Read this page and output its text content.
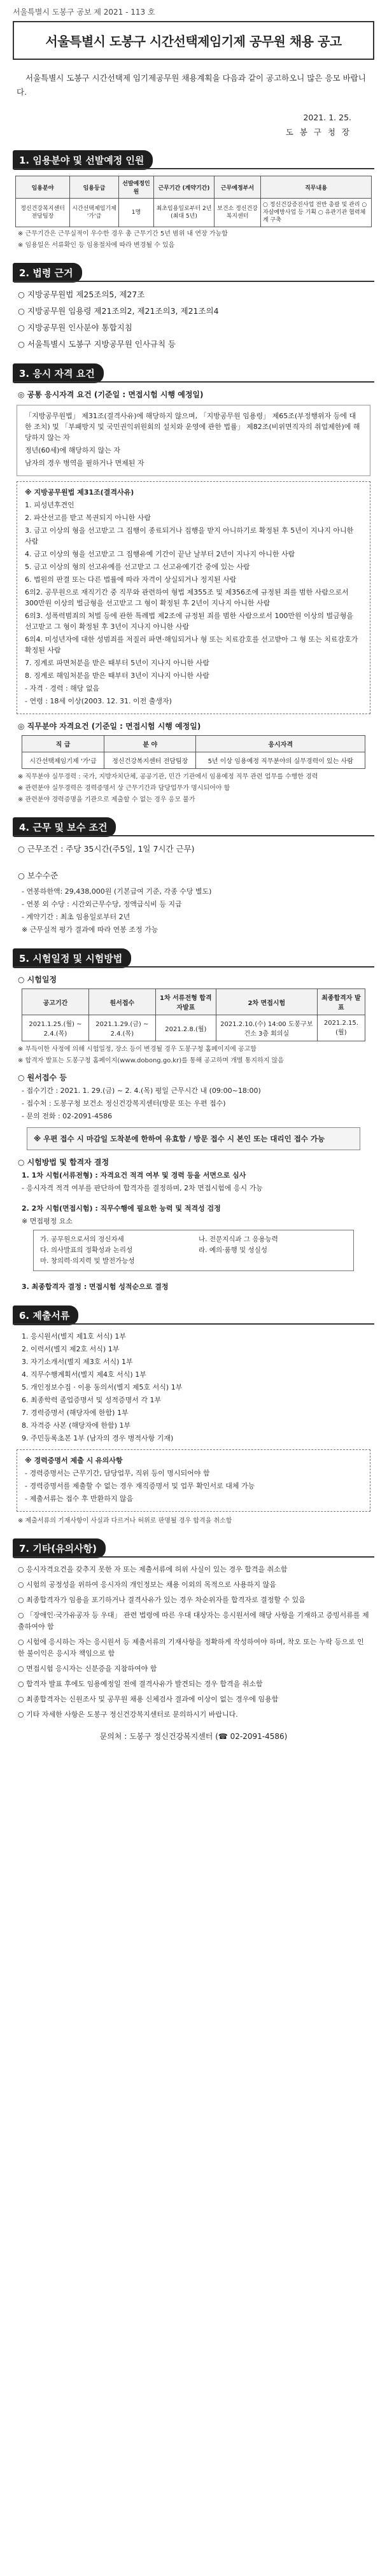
서울특별시 도봉구 공보 제 2021 - 113 호
서울특별시 도봉구 시간선택제임기제 공무원 채용 공고
서울특별시 도봉구 시간선택제 임기제공무원 채용계획을 다음과 같이 공고하오니 많은 응모 바랍니다.
2021. 1. 25.
도 봉 구 청 장
1. 임용분야 및 선발예정 인원
임용분야	임용등급	선발예정인원	근무기간 (계약기간)	근무예정부서	직무내용
정신건강복지센터 전담팀장	시간선택제임기제 '가'급	1명	최초임용일로부터 2년 (최대 5년)	보건소 정신건강복지센터	○ 정신건강증진사업 전반 총괄 및 관리 ○ 자살예방사업 등 기획 ○ 유관기관 협력체계 구축
※ 근무기간은 근무실적이 우수한 경우 총 근무기간 5년 범위 내 연장 가능함
※ 임용일은 서류확인 등 임용절차에 따라 변경될 수 있음
2. 법령 근거
○ 지방공무원법 제25조의5, 제27조
○ 지방공무원 임용령 제21조의2, 제21조의3, 제21조의4
○ 지방공무원 인사분야 통합지침
○ 서울특별시 도봉구 지방공무원 인사규칙 등
3. 응시 자격 요건
◎ 공통 응시자격 요건 (기준일 : 면접시험 시행 예정일)

「지방공무원법」 제31조(결격사유)에 해당하지 않으며, 「지방공무원 임용령」 제65조(부정행위자 등에 대한 조치) 및 「부패방지 및 국민권익위원회의 설치와 운영에 관한 법률」 제82조(비위면직자의 취업제한)에 해당하지 않는 자

정년(60세)에 해당하지 않는 자

남자의 경우 병역을 필하거나 면제된 자

※ 지방공무원법 제31조(결격사유)

1. 피성년후견인

2. 파산선고를 받고 복권되지 아니한 사람

3. 금고 이상의 형을 선고받고 그 집행이 종료되거나 집행을 받지 아니하기로 확정된 후 5년이 지나지 아니한 사람

4. 금고 이상의 형을 선고받고 그 집행유예 기간이 끝난 날부터 2년이 지나지 아니한 사람

5. 금고 이상의 형의 선고유예를 선고받고 그 선고유예기간 중에 있는 사람

6. 법원의 판결 또는 다른 법률에 따라 자격이 상실되거나 정지된 사람

6의2. 공무원으로 재직기간 중 직무와 관련하여 형법 제355조 및 제356조에 규정된 죄를 범한 사람으로서 300만원 이상의 벌금형을 선고받고 그 형이 확정된 후 2년이 지나지 아니한 사람

6의3. 성폭력범죄의 처벌 등에 관한 특례법 제2조에 규정된 죄를 범한 사람으로서 100만원 이상의 벌금형을 선고받고 그 형이 확정된 후 3년이 지나지 아니한 사람

6의4. 미성년자에 대한 성범죄를 저질러 파면·해임되거나 형 또는 치료감호를 선고받아 그 형 또는 치료감호가 확정된 사람

7. 징계로 파면처분을 받은 때부터 5년이 지나지 아니한 사람

8. 징계로 해임처분을 받은 때부터 3년이 지나지 아니한 사람

- 자격 · 경력 : 해당 없음

- 연령 : 18세 이상(2003. 12. 31. 이전 출생자)

◎ 직무분야 자격요건 (기준일 : 면접시험 시행 예정일)
직 급	분 야	응시자격
시간선택제임기제 '가'급	정신건강복지센터 전담팀장	5년 이상 임용예정 직무분야의 실무경력이 있는 사람
※ 직무분야 실무경력 : 국가, 지방자치단체, 공공기관, 민간 기관에서 임용예정 직무 관련 업무를 수행한 경력
※ 관련분야 실무경력은 경력증명서 상 근무기간과 담당업무가 명시되어야 함
※ 관련분야 경력증명을 기관으로 제출할 수 없는 경우 응모 불가
4. 근무 및 보수 조건
○ 근무조건 : 주당 35시간(주5일, 1일 7시간 근무)
○ 보수수준
- 연봉하한액: 29,438,000원 (기본급여 기준, 각종 수당 별도)
- 연봉 외 수당 : 시간외근무수당, 정액급식비 등 지급
- 계약기간 : 최초 임용일로부터 2년
※ 근무실적 평가 결과에 따라 연봉 조정 가능
5. 시험일정 및 시험방법
○ 시험일정
공고기간	원서접수	1차 서류전형 합격자발표	2차 면접시험	최종합격자 발표
2021.1.25.(월) ~ 2.4.(목)	2021.1.29.(금) ~ 2.4.(목)	2021.2.8.(월)	2021.2.10.(수) 14:00 도봉구보건소 3층 회의실	2021.2.15.(월)
※ 부득이한 사정에 의해 시험일정, 장소 등이 변경될 경우 도봉구청 홈페이지에 공고함
※ 합격자 발표는 도봉구청 홈페이지(www.dobong.go.kr)를 통해 공고하며 개별 통지하지 않음
○ 원서접수 등
- 접수기간 : 2021. 1. 29.(금) ~ 2. 4.(목) 평일 근무시간 내 (09:00~18:00)
- 접수처 : 도봉구청 보건소 정신건강복지센터(방문 또는 우편 접수)
- 문의 전화 : 02-2091-4586
※ 우편 접수 시 마감일 도착분에 한하여 유효함 / 방문 접수 시 본인 또는 대리인 접수 가능
○ 시험방법 및 합격자 결정
1. 1차 시험(서류전형) : 자격요건 적격 여부 및 경력 등을 서면으로 심사
- 응시자격 적격 여부를 판단하여 합격자를 결정하며, 2차 면접시험에 응시 가능
2. 2차 시험(면접시험) : 직무수행에 필요한 능력 및 적격성 검정
※ 면접평정 요소
가. 공무원으로서의 정신자세	나. 전문지식과 그 응용능력
다. 의사발표의 정확성과 논리성	라. 예의·품행 및 성실성
마. 창의력·의지력 및 발전가능성
3. 최종합격자 결정 : 면접시험 성적순으로 결정
6. 제출서류
1. 응시원서(별지 제1호 서식) 1부
2. 이력서(별지 제2호 서식) 1부
3. 자기소개서(별지 제3호 서식) 1부
4. 직무수행계획서(별지 제4호 서식) 1부
5. 개인정보수집 · 이용 동의서(별지 제5호 서식) 1부
6. 최종학력 졸업증명서 및 성적증명서 각 1부
7. 경력증명서 (해당자에 한함) 1부
8. 자격증 사본 (해당자에 한함) 1부
9. 주민등록초본 1부 (남자의 경우 병적사항 기재)

※ 경력증명서 제출 시 유의사항

- 경력증명서는 근무기간, 담당업무, 직위 등이 명시되어야 함

- 경력증명서를 제출할 수 없는 경우 재직증명서 및 업무 확인서로 대체 가능

- 제출서류는 접수 후 반환하지 않음

※ 제출서류의 기재사항이 사실과 다르거나 허위로 판명될 경우 합격을 취소함
7. 기타(유의사항)

○ 응시자격요건을 갖추지 못한 자 또는 제출서류에 허위 사실이 있는 경우 합격을 취소함

○ 시험의 공정성을 위하여 응시자의 개인정보는 채용 이외의 목적으로 사용하지 않음

○ 최종합격자가 임용을 포기하거나 결격사유가 있는 경우 차순위자를 합격자로 결정할 수 있음

○ 「장애인·국가유공자 등 우대」 관련 법령에 따른 우대 대상자는 응시원서에 해당 사항을 기재하고 증빙서류를 제출하여야 함

○ 시험에 응시하는 자는 응시원서 등 제출서류의 기재사항을 정확하게 작성하여야 하며, 착오 또는 누락 등으로 인한 불이익은 응시자 책임으로 함

○ 면접시험 응시자는 신분증을 지참하여야 함

○ 합격자 발표 후에도 임용예정일 전에 결격사유가 발견되는 경우 합격을 취소함

○ 최종합격자는 신원조사 및 공무원 채용 신체검사 결과에 이상이 없는 경우에 임용함

○ 기타 자세한 사항은 도봉구 정신건강복지센터로 문의하시기 바랍니다.

문의처 : 도봉구 정신건강복지센터 (☎ 02-2091-4586)
